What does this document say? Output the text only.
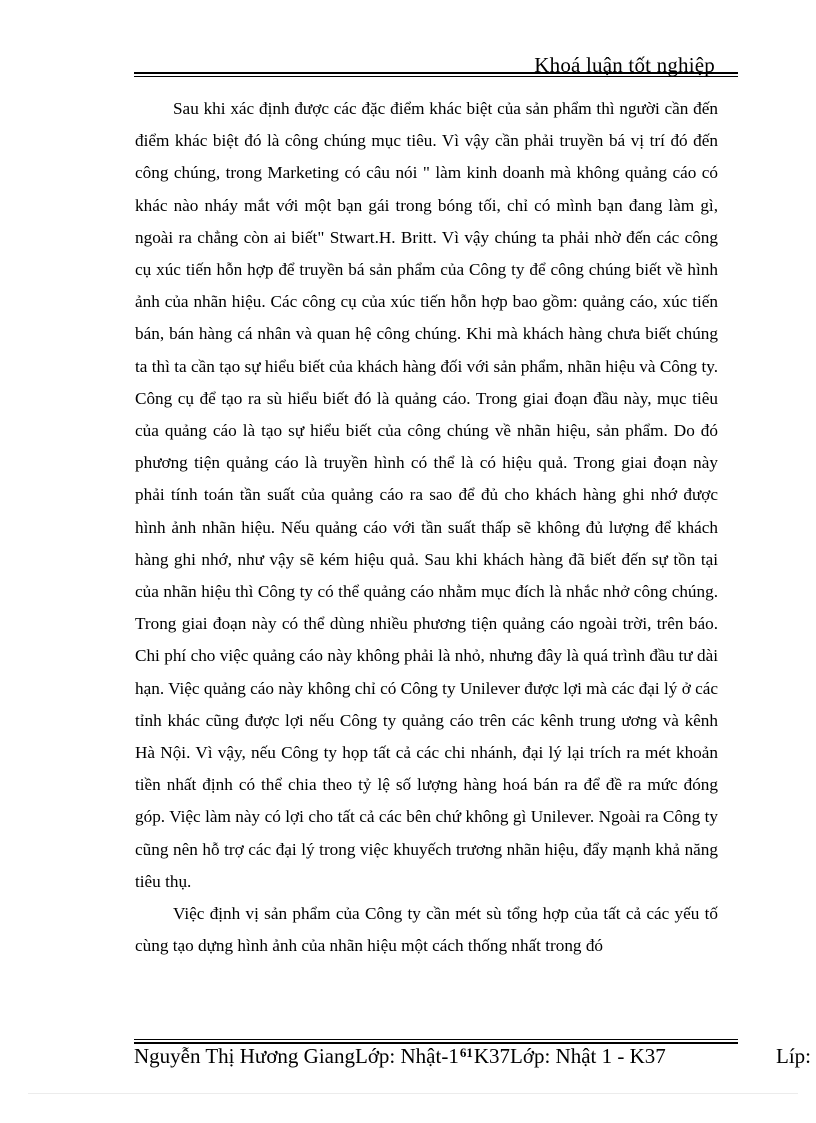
Khoá luận tốt nghiệp

Sau khi xác định được các đặc điểm khác biệt của sản phẩm thì người cần đến điểm khác biệt đó là công chúng mục tiêu. Vì vậy cần phải truyền bá vị trí đó đến công chúng, trong Marketing có câu nói " làm kinh doanh mà không quảng cáo có khác nào nháy mắt với một bạn gái trong bóng tối, chỉ có mình bạn đang làm gì, ngoài ra chẳng còn ai biết" Stwart.H. Britt. Vì vậy chúng ta phải nhờ đến các công cụ xúc tiến hỗn hợp để truyền bá sản phẩm của Công ty để công chúng biết về hình ảnh của nhãn hiệu. Các công cụ của xúc tiến hỗn hợp bao gồm: quảng cáo, xúc tiến bán, bán hàng cá nhân và quan hệ công chúng. Khi mà khách hàng chưa biết chúng ta thì ta cần tạo sự hiểu biết của khách hàng đối với sản phẩm, nhãn hiệu và Công ty. Công cụ để tạo ra sù hiểu biết đó là quảng cáo. Trong giai đoạn đầu này, mục tiêu của quảng cáo là tạo sự hiểu biết của công chúng về nhãn hiệu, sản phẩm. Do đó phương tiện quảng cáo là truyền hình có thể là có hiệu quả. Trong giai đoạn này phải tính toán tần suất của quảng cáo ra sao để đủ cho khách hàng ghi nhớ được hình ảnh nhãn hiệu. Nếu quảng cáo với tần suất thấp sẽ không đủ lượng để khách hàng ghi nhớ, như vậy sẽ kém hiệu quả. Sau khi khách hàng đã biết đến sự tồn tại của nhãn hiệu thì Công ty có thể quảng cáo nhằm mục đích là nhắc nhở công chúng. Trong giai đoạn này có thể dùng nhiều phương tiện quảng cáo ngoài trời, trên báo. Chi phí cho việc quảng cáo này không phải là nhỏ, nhưng đây là quá trình đầu tư dài hạn. Việc quảng cáo này không chỉ có Công ty Unilever được lợi mà các đại lý ở các tỉnh khác cũng được lợi nếu Công ty quảng cáo trên các kênh trung ương và kênh Hà Nội. Vì vậy, nếu Công ty họp tất cả các chi nhánh, đại lý lại trích ra mét khoản tiền nhất định có thể chia theo tỷ lệ số lượng hàng hoá bán ra để đề ra mức đóng góp. Việc làm này có lợi cho tất cả các bên chứ không gì Unilever. Ngoài ra Công ty cũng nên hỗ trợ các đại lý trong việc khuyếch trương nhãn hiệu, đẩy mạnh khả năng tiêu thụ.

Việc định vị sản phẩm của Công ty cần mét sù tổng hợp của tất cả các yếu tố cùng tạo dựng hình ảnh của nhãn hiệu một cách thống nhất trong đó

Nguyễn Thị Hương GiangLớp: Nhật-$1^{61}K37Lớp$: Nhật 1 - K37	Líp:
